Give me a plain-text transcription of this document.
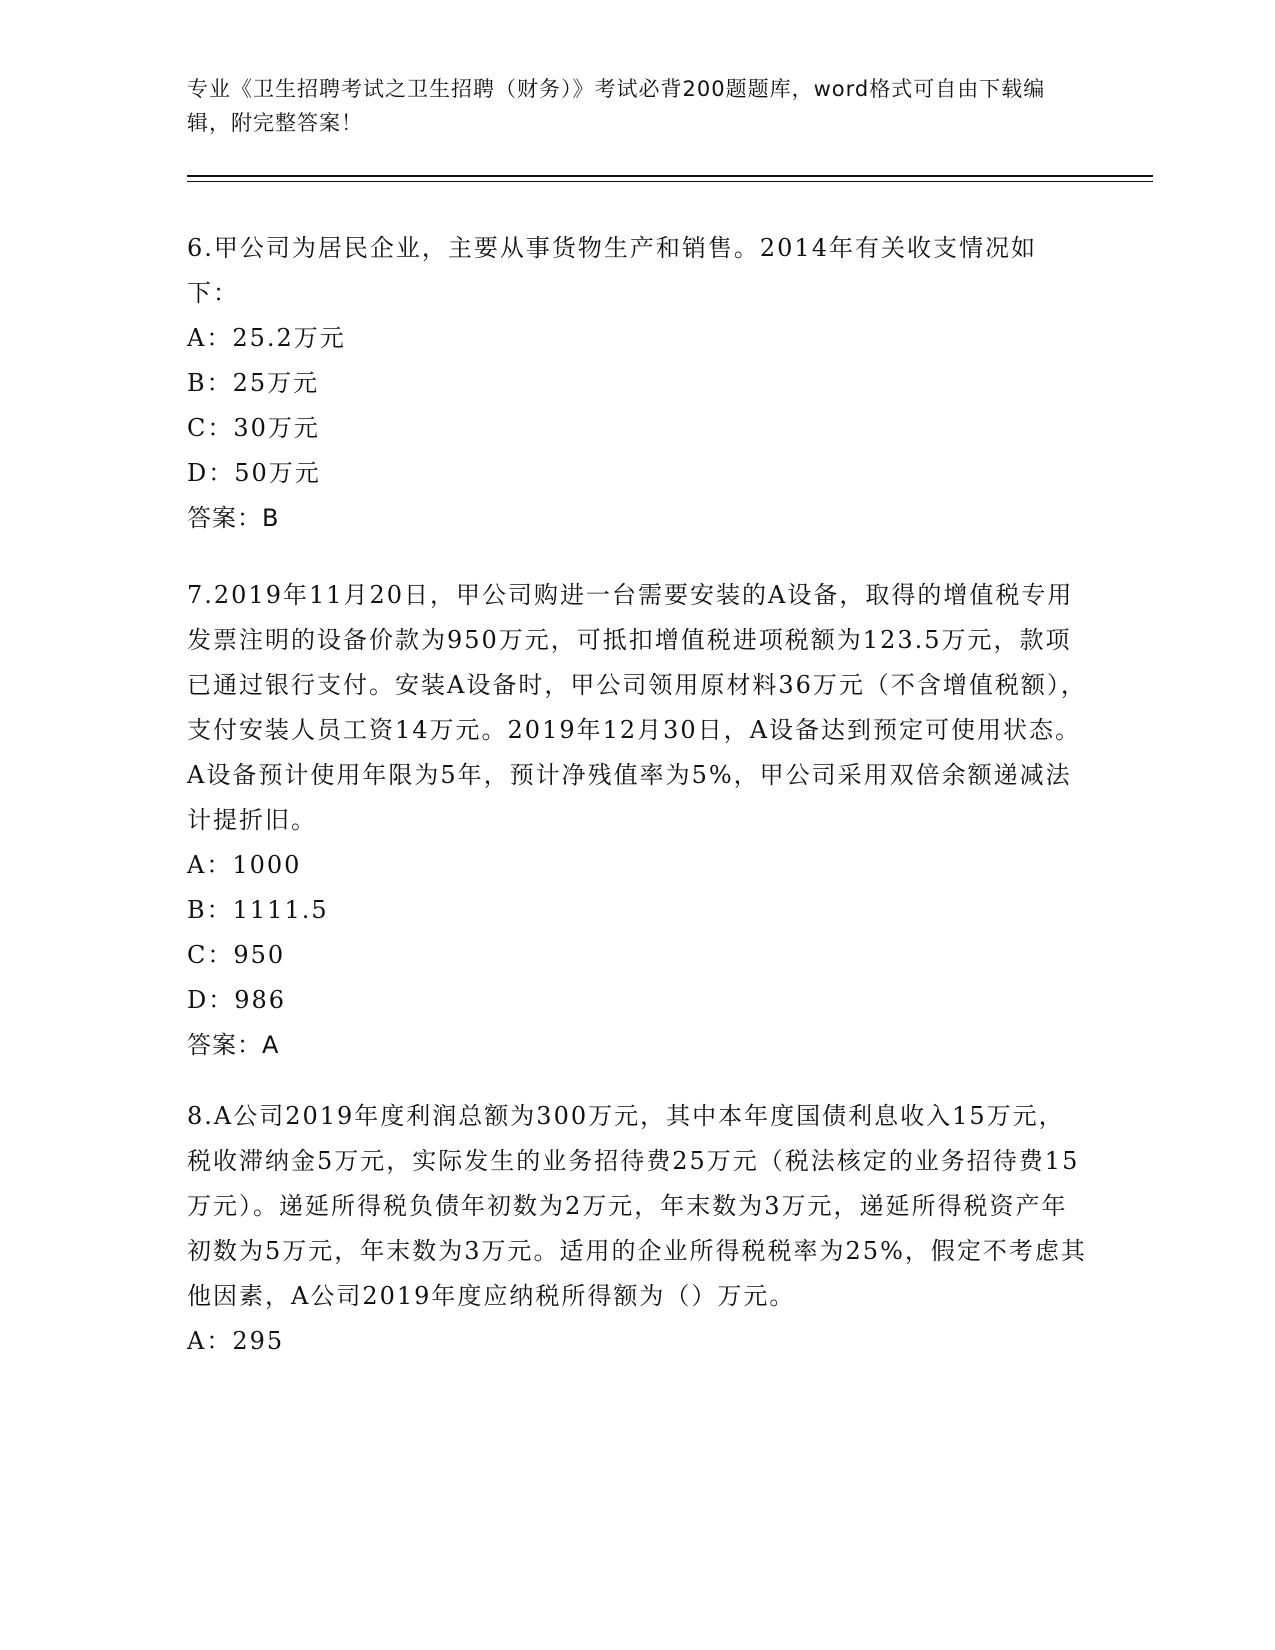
专业《卫生招聘考试之卫生招聘（财务）》考试必背200题题库，word格式可自由下载编辑，附完整答案！

6.甲公司为居民企业，主要从事货物生产和销售。2014年有关收支情况如下：

A：25.2万元

B：25万元

C：30万元

D：50万元

答案：B

7.2019年11月20日，甲公司购进一台需要安装的A设备，取得的增值税专用发票注明的设备价款为950万元，可抵扣增值税进项税额为123.5万元，款项已通过银行支付。安装A设备时，甲公司领用原材料36万元（不含增值税额），支付安装人员工资14万元。2019年12月30日，A设备达到预定可使用状态。A设备预计使用年限为5年，预计净残值率为5%，甲公司采用双倍余额递减法计提折旧。

A：1000

B：1111.5

C：950

D：986

答案：A

8.A公司2019年度利润总额为300万元，其中本年度国债利息收入15万元，税收滞纳金5万元，实际发生的业务招待费25万元（税法核定的业务招待费15万元）。递延所得税负债年初数为2万元，年末数为3万元，递延所得税资产年初数为5万元，年末数为3万元。适用的企业所得税税率为25%，假定不考虑其他因素，A公司2019年度应纳税所得额为（）万元。

A：295
